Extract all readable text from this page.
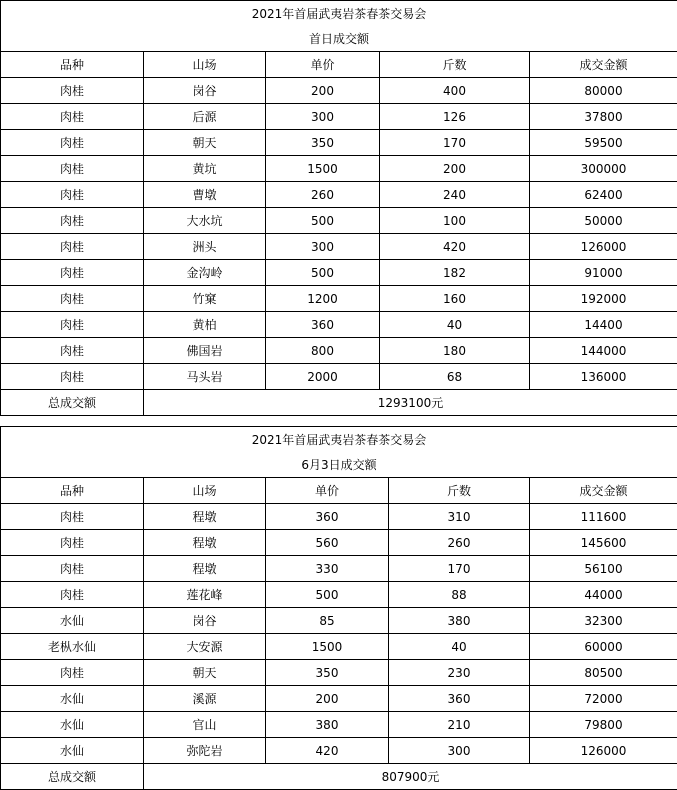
2021年首届武夷岩茶春茶交易会				
首日成交额				
品种	山场	单价	斤数	成交金额
肉桂	岗谷	200	400	80000
肉桂	后源	300	126	37800
肉桂	朝天	350	170	59500
肉桂	黄坑	1500	200	300000
肉桂	曹墩	260	240	62400
肉桂	大水坑	500	100	50000
肉桂	洲头	300	420	126000
肉桂	金沟岭	500	182	91000
肉桂	竹窠	1200	160	192000
肉桂	黄柏	360	40	14400
肉桂	佛国岩	800	180	144000
肉桂	马头岩	2000	68	136000
总成交额	1293100元			
2021年首届武夷岩茶春茶交易会				
6月3日成交额				
品种	山场	单价	斤数	成交金额
肉桂	程墩	360	310	111600
肉桂	程墩	560	260	145600
肉桂	程墩	330	170	56100
肉桂	莲花峰	500	88	44000
水仙	岗谷	85	380	32300
老枞水仙	大安源	1500	40	60000
肉桂	朝天	350	230	80500
水仙	溪源	200	360	72000
水仙	官山	380	210	79800
水仙	弥陀岩	420	300	126000
总成交额	807900元			
